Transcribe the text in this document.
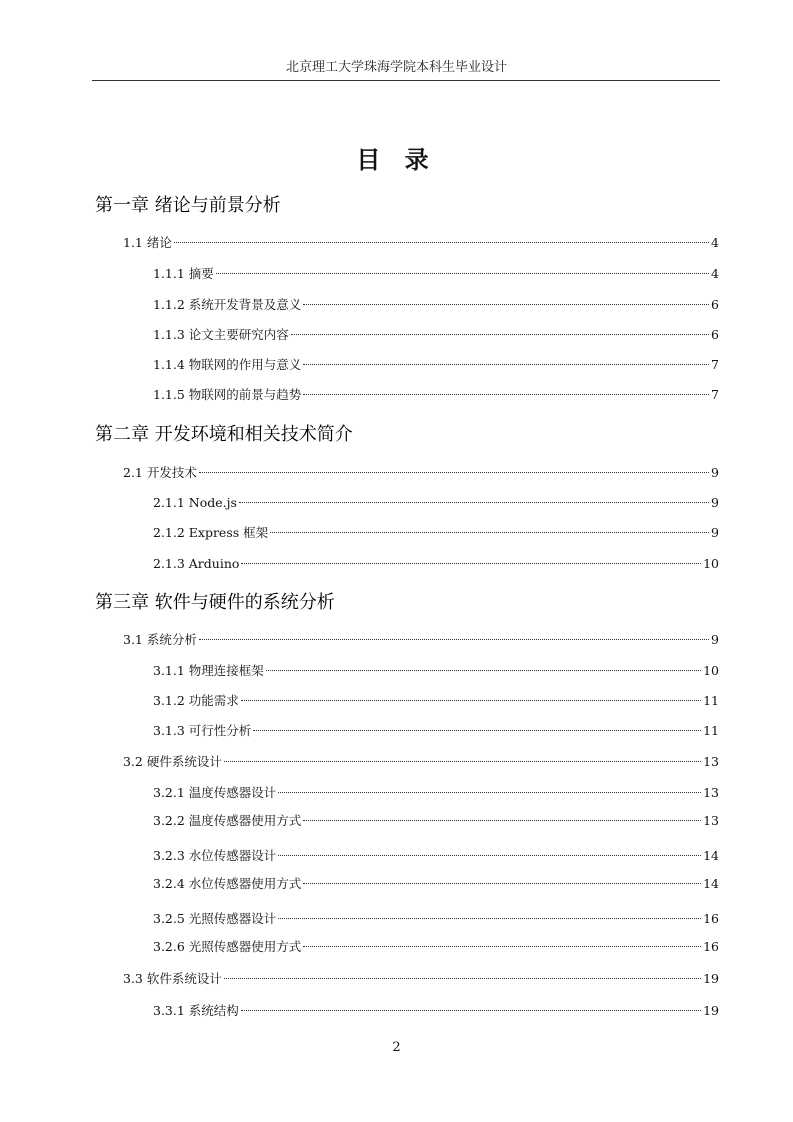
北京理工大学珠海学院本科生毕业设计
目 录
第一章 绪论与前景分析
1.1 绪论	4
1.1.1 摘要	4
1.1.2 系统开发背景及意义	6
1.1.3 论文主要研究内容	6
1.1.4 物联网的作用与意义	7
1.1.5 物联网的前景与趋势	7
第二章 开发环境和相关技术简介
2.1 开发技术	9
2.1.1 Node.js	9
2.1.2 Express 框架	9
2.1.3 Arduino	10
第三章 软件与硬件的系统分析
3.1 系统分析	9
3.1.1 物理连接框架	10
3.1.2 功能需求	11
3.1.3 可行性分析	11
3.2 硬件系统设计	13
3.2.1 温度传感器设计	13
3.2.2 温度传感器使用方式	13
3.2.3 水位传感器设计	14
3.2.4 水位传感器使用方式	14
3.2.5 光照传感器设计	16
3.2.6 光照传感器使用方式	16
3.3 软件系统设计	19
3.3.1 系统结构	19
2
